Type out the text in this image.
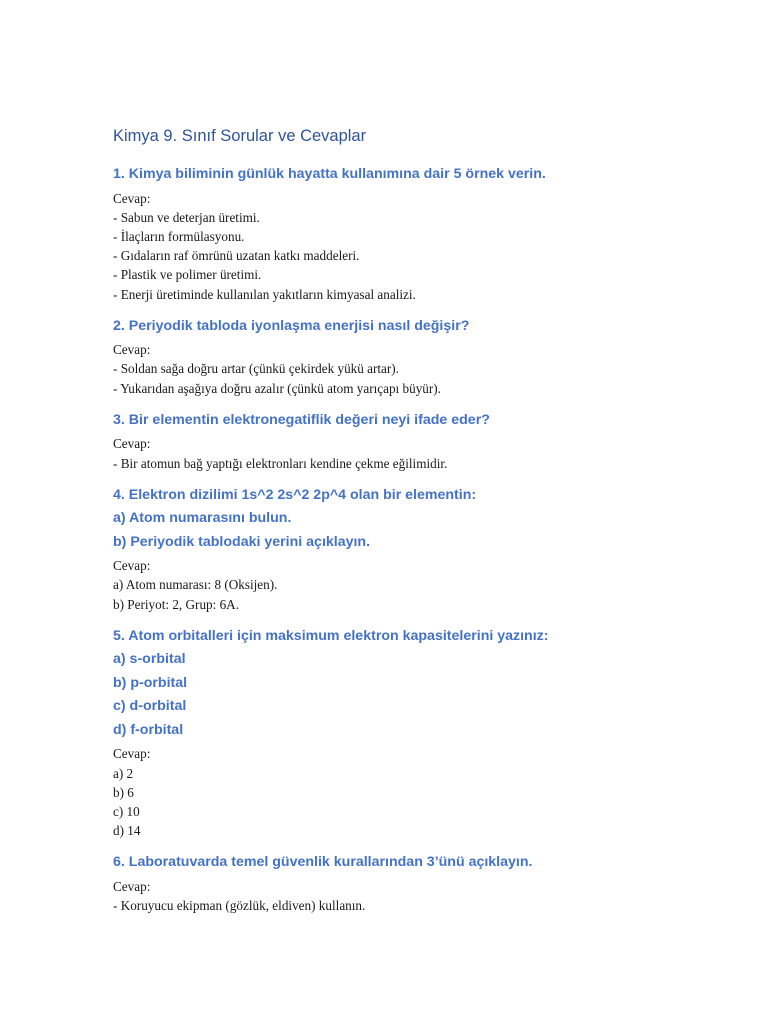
Kimya 9. Sınıf Sorular ve Cevaplar

1. Kimya biliminin günlük hayatta kullanımına dair 5 örnek verin.

Cevap:

- Sabun ve deterjan üretimi.

- İlaçların formülasyonu.

- Gıdaların raf ömrünü uzatan katkı maddeleri.

- Plastik ve polimer üretimi.

- Enerji üretiminde kullanılan yakıtların kimyasal analizi.

2. Periyodik tabloda iyonlaşma enerjisi nasıl değişir?

Cevap:

- Soldan sağa doğru artar (çünkü çekirdek yükü artar).

- Yukarıdan aşağıya doğru azalır (çünkü atom yarıçapı büyür).

3. Bir elementin elektronegatiflik değeri neyi ifade eder?

Cevap:

- Bir atomun bağ yaptığı elektronları kendine çekme eğilimidir.

4. Elektron dizilimi 1s^2 2s^2 2p^4 olan bir elementin:

a) Atom numarasını bulun.

b) Periyodik tablodaki yerini açıklayın.

Cevap:

a) Atom numarası: 8 (Oksijen).

b) Periyot: 2, Grup: 6A.

5. Atom orbitalleri için maksimum elektron kapasitelerini yazınız:

a) s-orbital

b) p-orbital

c) d-orbital

d) f-orbital

Cevap:

a) 2

b) 6

c) 10

d) 14

6. Laboratuvarda temel güvenlik kurallarından 3’ünü açıklayın.

Cevap:

- Koruyucu ekipman (gözlük, eldiven) kullanın.
